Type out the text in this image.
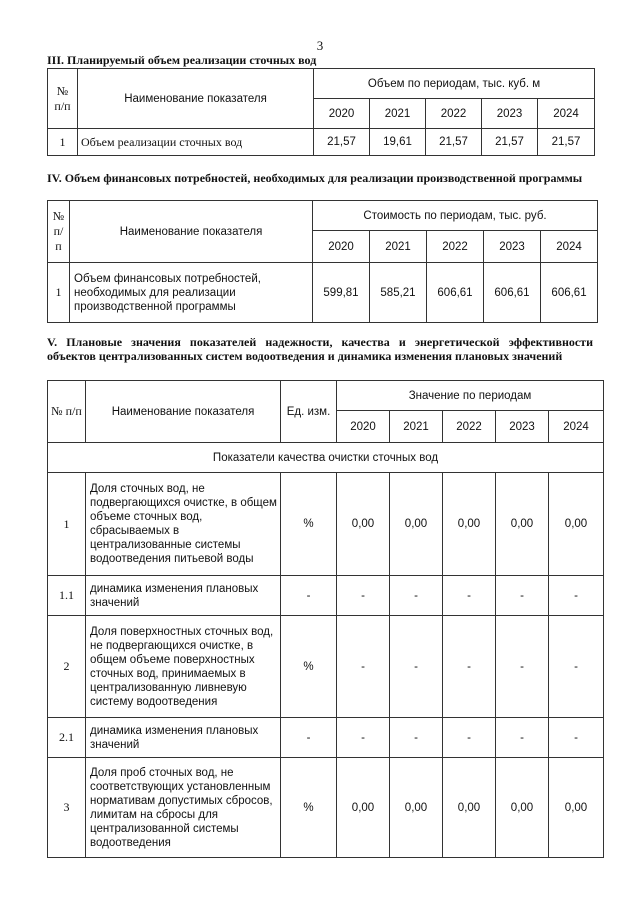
3
III. Планируемый объем реализации сточных вод
№ п/п	Наименование показателя	Объем по периодам, тыс. куб. м				
		2020	2021	2022	2023	2024
1	Объем реализации сточных вод	21,57	19,61	21,57	21,57	21,57
IV. Объем финансовых потребностей, необходимых для реализации производственной программы
№ п/п	Наименование показателя	Стоимость по периодам, тыс. руб.				
		2020	2021	2022	2023	2024
1	Объем финансовых потребностей, необходимых для реализации производственной программы	599,81	585,21	606,61	606,61	606,61
V. Плановые значения показателей надежности, качества и энергетической эффективности объектов централизованных систем водоотведения и динамика изменения плановых значений
№ п/п	Наименование показателя	Ед. изм.	Значение по периодам				
			2020	2021	2022	2023	2024
Показатели качества очистки сточных вод							
1	Доля сточных вод, не подвергающихся очистке, в общем объеме сточных вод, сбрасываемых в централизованные системы водоотведения питьевой воды	%	0,00	0,00	0,00	0,00	0,00
1.1	динамика изменения плановых значений	-	-	-	-	-	-
2	Доля поверхностных сточных вод, не подвергающихся очистке, в общем объеме поверхностных сточных вод, принимаемых в централизованную ливневую систему водоотведения	%	-	-	-	-	-
2.1	динамика изменения плановых значений	-	-	-	-	-	-
3	Доля проб сточных вод, не соответствующих установленным нормативам допустимых сбросов, лимитам на сбросы для централизованной системы водоотведения	%	0,00	0,00	0,00	0,00	0,00
